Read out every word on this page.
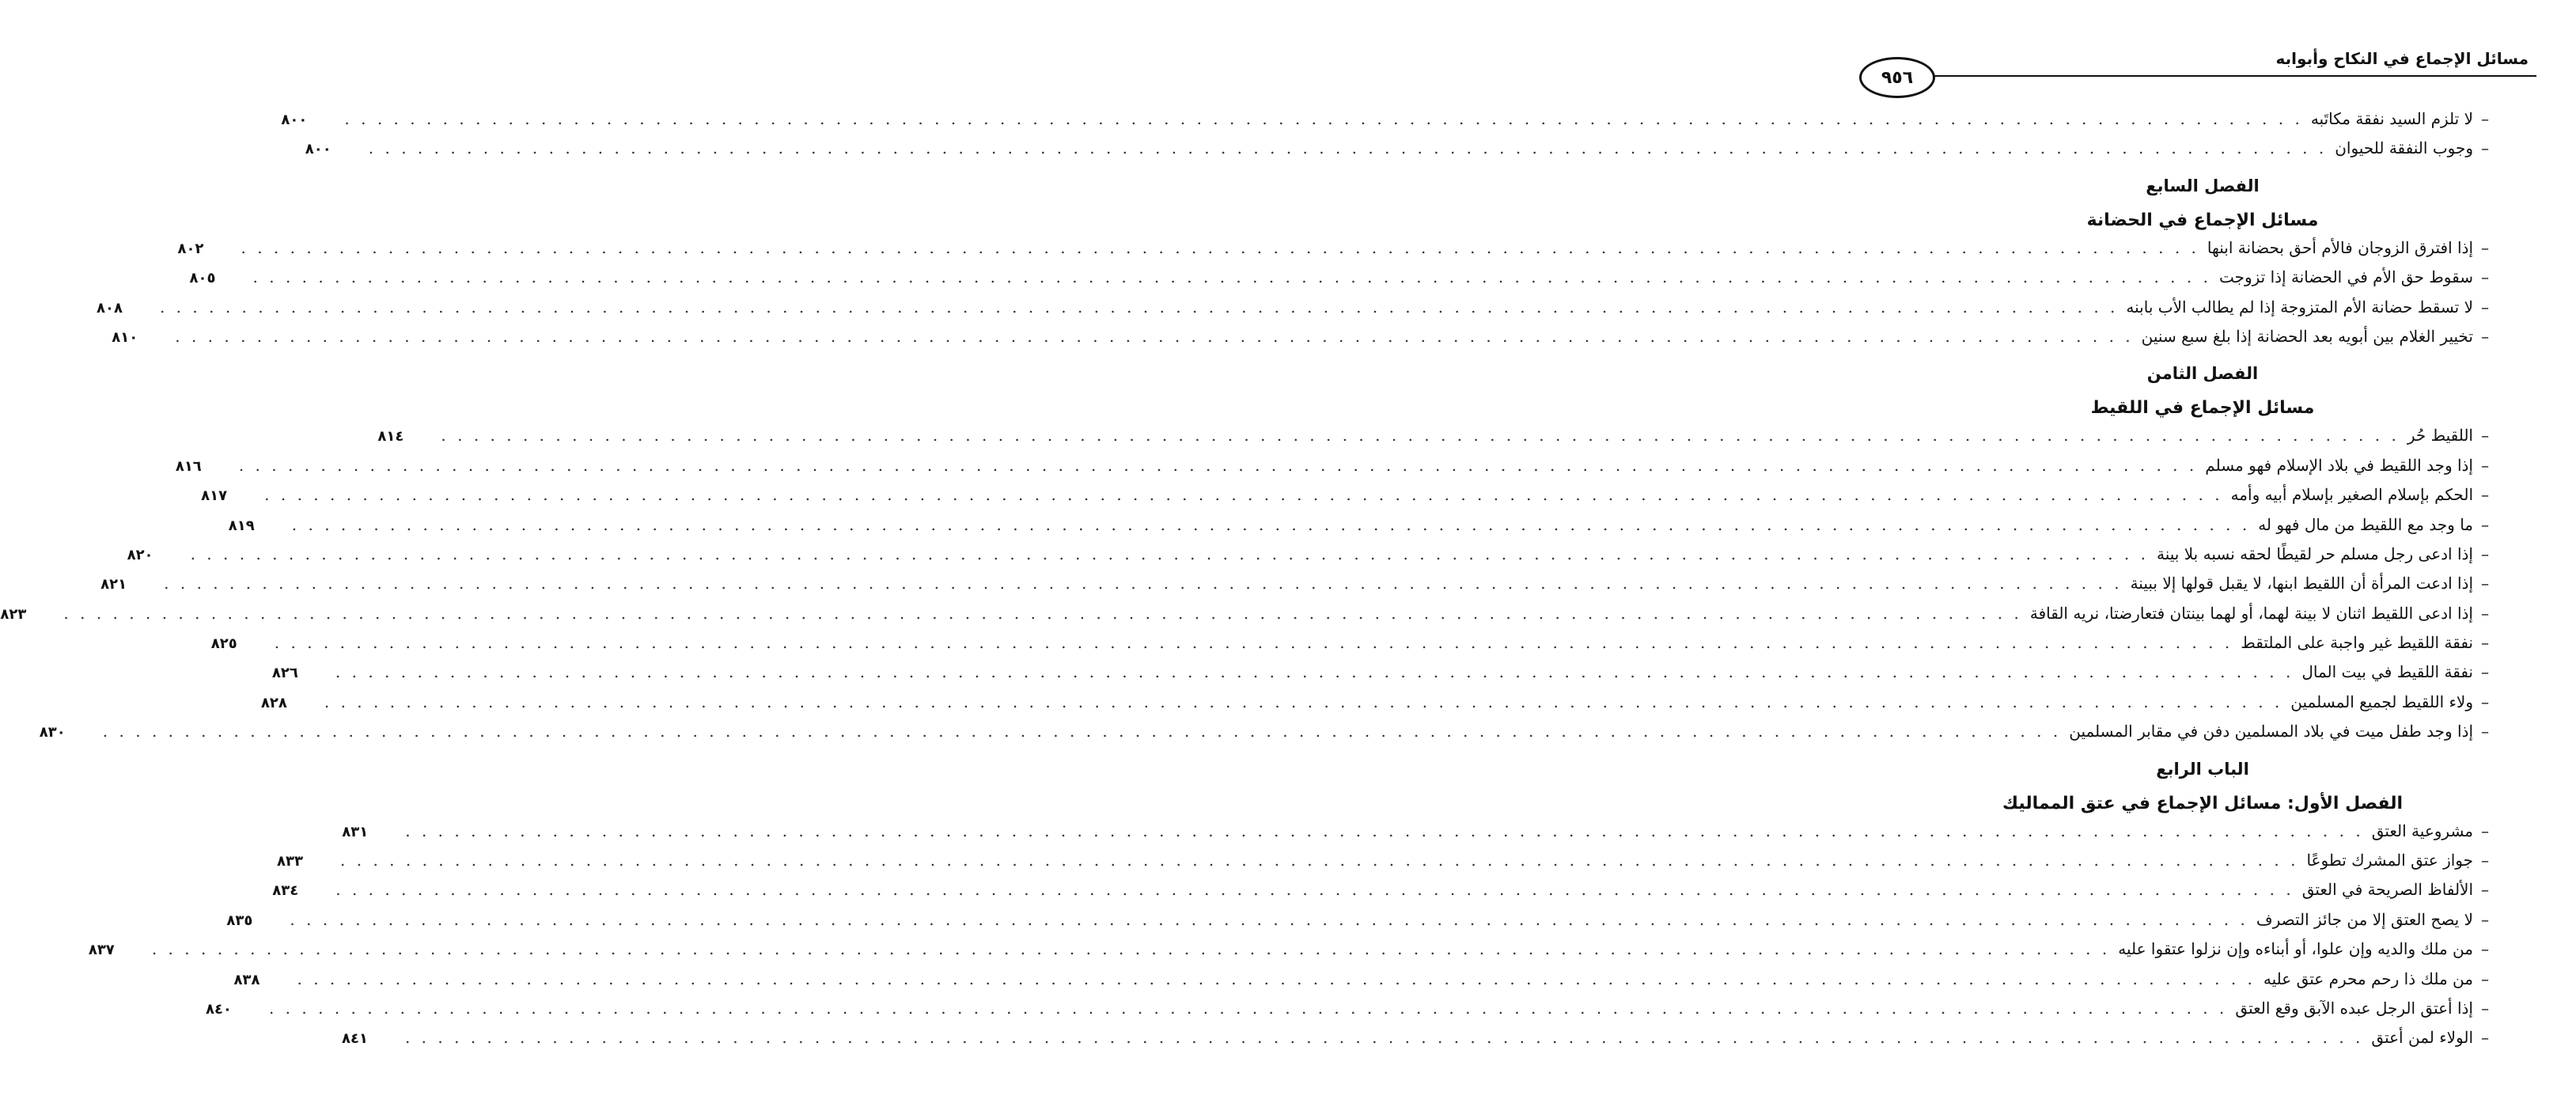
مسائل الإجماع في النكاح وأبوابه
٩٥٦
–
لا تلزم السيد نفقة مكاتَبه
. . . . . . . . . . . . . . . . . . . . . . . . . . . . . . . . . . . . . . . . . . . . . . . . . . . . . . . . . . . . . . . . . . . . . . . . . . . . . . . . . . . . . . . . . . . . . . . . . . . . . . . . . . . . . . . . . . . . . . . .
٨٠٠
–
وجوب النفقة للحيوان
. . . . . . . . . . . . . . . . . . . . . . . . . . . . . . . . . . . . . . . . . . . . . . . . . . . . . . . . . . . . . . . . . . . . . . . . . . . . . . . . . . . . . . . . . . . . . . . . . . . . . . . . . . . . . . . . . . . . . . . .
٨٠٠
الفصل السابع
مسائل الإجماع في الحضانة
–
إذا افترق الزوجان فالأم أحق بحضانة ابنها
. . . . . . . . . . . . . . . . . . . . . . . . . . . . . . . . . . . . . . . . . . . . . . . . . . . . . . . . . . . . . . . . . . . . . . . . . . . . . . . . . . . . . . . . . . . . . . . . . . . . . . . . . . . . . . . . . . . . . . . .
٨٠٢
–
سقوط حق الأم في الحضانة إذا تزوجت
. . . . . . . . . . . . . . . . . . . . . . . . . . . . . . . . . . . . . . . . . . . . . . . . . . . . . . . . . . . . . . . . . . . . . . . . . . . . . . . . . . . . . . . . . . . . . . . . . . . . . . . . . . . . . . . . . . . . . . . .
٨٠٥
–
لا تسقط حضانة الأم المتزوجة إذا لم يطالب الأب بابنه
. . . . . . . . . . . . . . . . . . . . . . . . . . . . . . . . . . . . . . . . . . . . . . . . . . . . . . . . . . . . . . . . . . . . . . . . . . . . . . . . . . . . . . . . . . . . . . . . . . . . . . . . . . . . . . . . . . . . . . . .
٨٠٨
–
تخيير الغلام بين أبويه بعد الحضانة إذا بلغ سبع سنين
. . . . . . . . . . . . . . . . . . . . . . . . . . . . . . . . . . . . . . . . . . . . . . . . . . . . . . . . . . . . . . . . . . . . . . . . . . . . . . . . . . . . . . . . . . . . . . . . . . . . . . . . . . . . . . . . . . . . . . . .
٨١٠
الفصل الثامن
مسائل الإجماع في اللقيط
–
اللقيط حُر
. . . . . . . . . . . . . . . . . . . . . . . . . . . . . . . . . . . . . . . . . . . . . . . . . . . . . . . . . . . . . . . . . . . . . . . . . . . . . . . . . . . . . . . . . . . . . . . . . . . . . . . . . . . . . . . . . . . . . . . .
٨١٤
–
إذا وجد اللقيط في بلاد الإسلام فهو مسلم
. . . . . . . . . . . . . . . . . . . . . . . . . . . . . . . . . . . . . . . . . . . . . . . . . . . . . . . . . . . . . . . . . . . . . . . . . . . . . . . . . . . . . . . . . . . . . . . . . . . . . . . . . . . . . . . . . . . . . . . .
٨١٦
–
الحكم بإسلام الصغير بإسلام أبيه وأمه
. . . . . . . . . . . . . . . . . . . . . . . . . . . . . . . . . . . . . . . . . . . . . . . . . . . . . . . . . . . . . . . . . . . . . . . . . . . . . . . . . . . . . . . . . . . . . . . . . . . . . . . . . . . . . . . . . . . . . . . .
٨١٧
–
ما وجد مع اللقيط من مال فهو له
. . . . . . . . . . . . . . . . . . . . . . . . . . . . . . . . . . . . . . . . . . . . . . . . . . . . . . . . . . . . . . . . . . . . . . . . . . . . . . . . . . . . . . . . . . . . . . . . . . . . . . . . . . . . . . . . . . . . . . . .
٨١٩
–
إذا ادعى رجل مسلم حر لقيطًا لحقه نسبه بلا بينة
. . . . . . . . . . . . . . . . . . . . . . . . . . . . . . . . . . . . . . . . . . . . . . . . . . . . . . . . . . . . . . . . . . . . . . . . . . . . . . . . . . . . . . . . . . . . . . . . . . . . . . . . . . . . . . . . . . . . . . . .
٨٢٠
–
إذا ادعت المرأة أن اللقيط ابنها، لا يقبل قولها إلا ببينة
. . . . . . . . . . . . . . . . . . . . . . . . . . . . . . . . . . . . . . . . . . . . . . . . . . . . . . . . . . . . . . . . . . . . . . . . . . . . . . . . . . . . . . . . . . . . . . . . . . . . . . . . . . . . . . . . . . . . . . . .
٨٢١
–
إذا ادعى اللقيط اثنان لا بينة لهما، أو لهما بينتان فتعارضتا، نريه القافة
. . . . . . . . . . . . . . . . . . . . . . . . . . . . . . . . . . . . . . . . . . . . . . . . . . . . . . . . . . . . . . . . . . . . . . . . . . . . . . . . . . . . . . . . . . . . . . . . . . . . . . . . . . . . . . . . . . . . . . . .
٨٢٣
–
نفقة اللقيط غير واجبة على الملتقط
. . . . . . . . . . . . . . . . . . . . . . . . . . . . . . . . . . . . . . . . . . . . . . . . . . . . . . . . . . . . . . . . . . . . . . . . . . . . . . . . . . . . . . . . . . . . . . . . . . . . . . . . . . . . . . . . . . . . . . . .
٨٢٥
–
نفقة اللقيط في بيت المال
. . . . . . . . . . . . . . . . . . . . . . . . . . . . . . . . . . . . . . . . . . . . . . . . . . . . . . . . . . . . . . . . . . . . . . . . . . . . . . . . . . . . . . . . . . . . . . . . . . . . . . . . . . . . . . . . . . . . . . . .
٨٢٦
–
ولاء اللقيط لجميع المسلمين
. . . . . . . . . . . . . . . . . . . . . . . . . . . . . . . . . . . . . . . . . . . . . . . . . . . . . . . . . . . . . . . . . . . . . . . . . . . . . . . . . . . . . . . . . . . . . . . . . . . . . . . . . . . . . . . . . . . . . . . .
٨٢٨
–
إذا وجد طفل ميت في بلاد المسلمين دفن في مقابر المسلمين
. . . . . . . . . . . . . . . . . . . . . . . . . . . . . . . . . . . . . . . . . . . . . . . . . . . . . . . . . . . . . . . . . . . . . . . . . . . . . . . . . . . . . . . . . . . . . . . . . . . . . . . . . . . . . . . . . . . . . . . .
٨٣٠
الباب الرابع
الفصل الأول: مسائل الإجماع في عتق المماليك
–
مشروعية العتق
. . . . . . . . . . . . . . . . . . . . . . . . . . . . . . . . . . . . . . . . . . . . . . . . . . . . . . . . . . . . . . . . . . . . . . . . . . . . . . . . . . . . . . . . . . . . . . . . . . . . . . . . . . . . . . . . . . . . . . . .
٨٣١
–
جواز عتق المشرك تطوعًا
. . . . . . . . . . . . . . . . . . . . . . . . . . . . . . . . . . . . . . . . . . . . . . . . . . . . . . . . . . . . . . . . . . . . . . . . . . . . . . . . . . . . . . . . . . . . . . . . . . . . . . . . . . . . . . . . . . . . . . . .
٨٣٣
–
الألفاظ الصريحة في العتق
. . . . . . . . . . . . . . . . . . . . . . . . . . . . . . . . . . . . . . . . . . . . . . . . . . . . . . . . . . . . . . . . . . . . . . . . . . . . . . . . . . . . . . . . . . . . . . . . . . . . . . . . . . . . . . . . . . . . . . . .
٨٣٤
–
لا يصح العتق إلا من جائز التصرف
. . . . . . . . . . . . . . . . . . . . . . . . . . . . . . . . . . . . . . . . . . . . . . . . . . . . . . . . . . . . . . . . . . . . . . . . . . . . . . . . . . . . . . . . . . . . . . . . . . . . . . . . . . . . . . . . . . . . . . . .
٨٣٥
–
من ملك والديه وإن علوا، أو أبناءه وإن نزلوا عتقوا عليه
. . . . . . . . . . . . . . . . . . . . . . . . . . . . . . . . . . . . . . . . . . . . . . . . . . . . . . . . . . . . . . . . . . . . . . . . . . . . . . . . . . . . . . . . . . . . . . . . . . . . . . . . . . . . . . . . . . . . . . . .
٨٣٧
–
من ملك ذا رحم محرم عتق عليه
. . . . . . . . . . . . . . . . . . . . . . . . . . . . . . . . . . . . . . . . . . . . . . . . . . . . . . . . . . . . . . . . . . . . . . . . . . . . . . . . . . . . . . . . . . . . . . . . . . . . . . . . . . . . . . . . . . . . . . . .
٨٣٨
–
إذا أعتق الرجل عبده الآبق وقع العتق
. . . . . . . . . . . . . . . . . . . . . . . . . . . . . . . . . . . . . . . . . . . . . . . . . . . . . . . . . . . . . . . . . . . . . . . . . . . . . . . . . . . . . . . . . . . . . . . . . . . . . . . . . . . . . . . . . . . . . . . .
٨٤٠
–
الولاء لمن أعتق
. . . . . . . . . . . . . . . . . . . . . . . . . . . . . . . . . . . . . . . . . . . . . . . . . . . . . . . . . . . . . . . . . . . . . . . . . . . . . . . . . . . . . . . . . . . . . . . . . . . . . . . . . . . . . . . . . . . . . . . .
٨٤١
